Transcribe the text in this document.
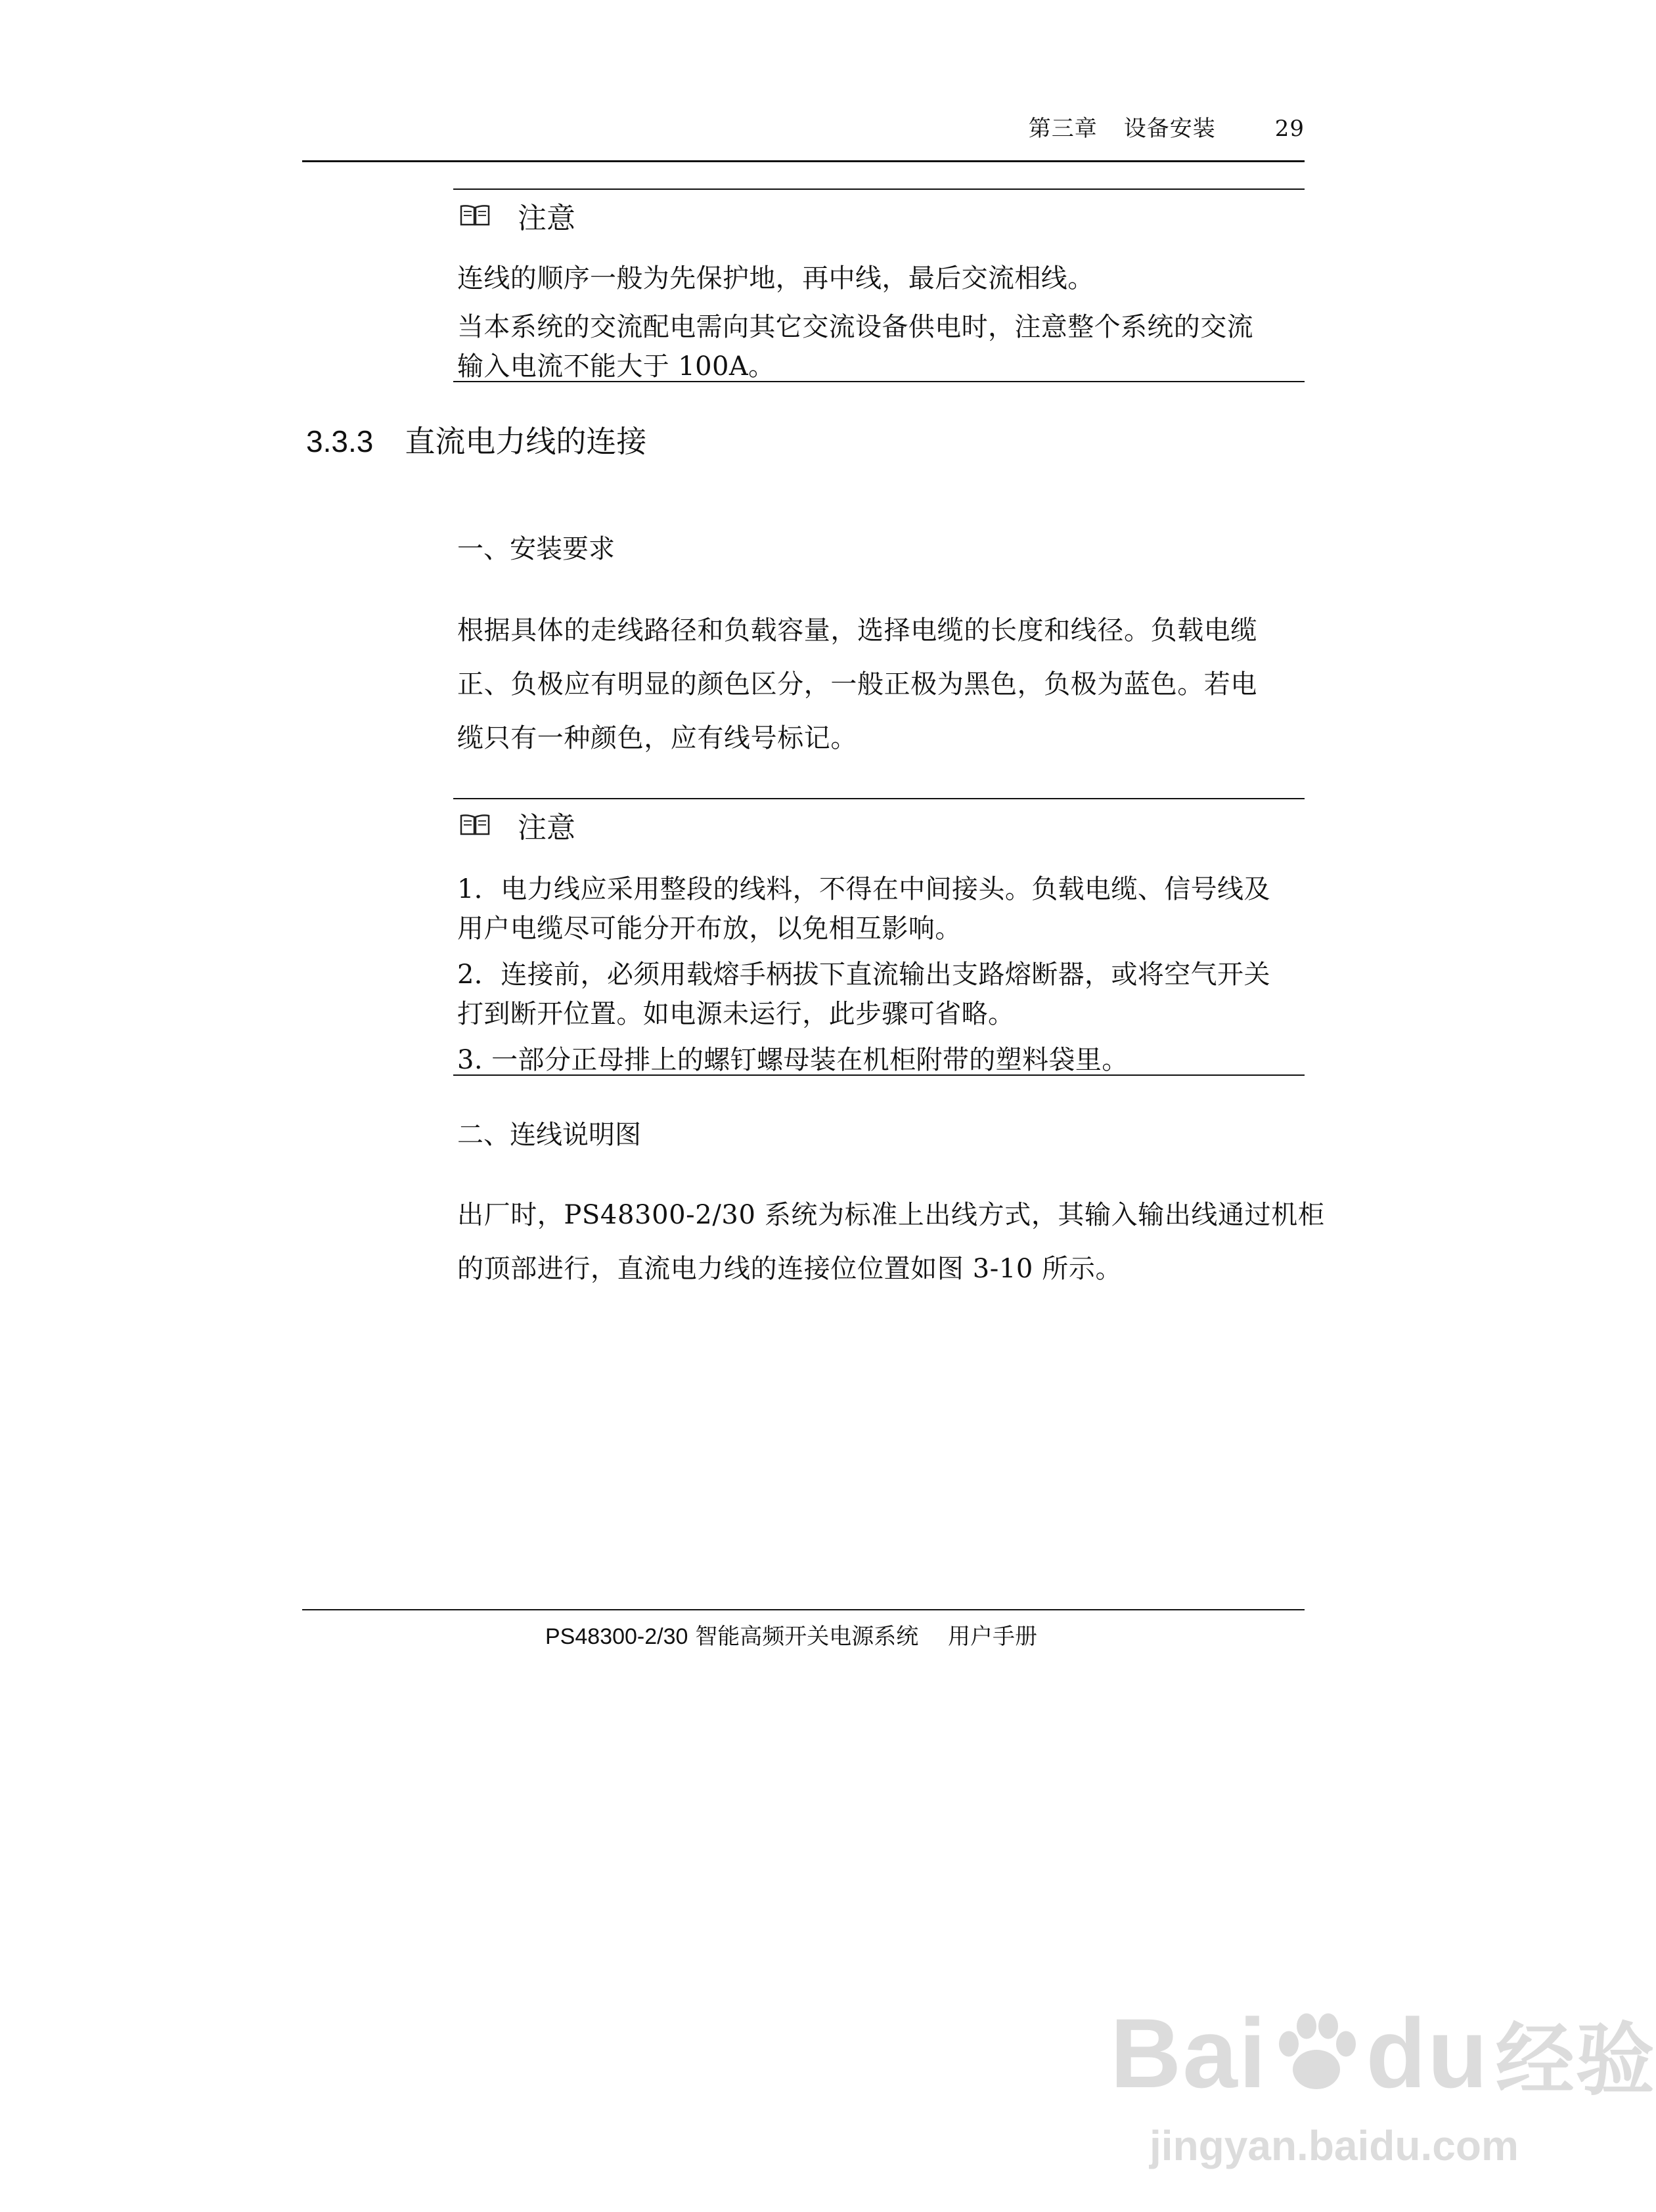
第三章 设备安装	29
注意
连线的顺序一般为先保护地，再中线，最后交流相线。
当本系统的交流配电需向其它交流设备供电时，注意整个系统的交流
输入电流不能大于 100A。
3.3.3 直流电力线的连接
一、安装要求
根据具体的走线路径和负载容量，选择电缆的长度和线径。负载电缆
正、负极应有明显的颜色区分，一般正极为黑色，负极为蓝色。若电
缆只有一种颜色，应有线号标记。
注意
1．电力线应采用整段的线料，不得在中间接头。负载电缆、信号线及
用户电缆尽可能分开布放，以免相互影响。
2．连接前，必须用载熔手柄拔下直流输出支路熔断器，或将空气开关
打到断开位置。如电源未运行，此步骤可省略。
3. 一部分正母排上的螺钉螺母装在机柜附带的塑料袋里。
二、连线说明图
出厂时，PS48300-2/30 系统为标准上出线方式，其输入输出线通过机柜
的顶部进行，直流电力线的连接位位置如图 3-10 所示。
PS48300-2/30 智能高频开关电源系统 用户手册
Bai du 经验
jingyan.baidu.com
